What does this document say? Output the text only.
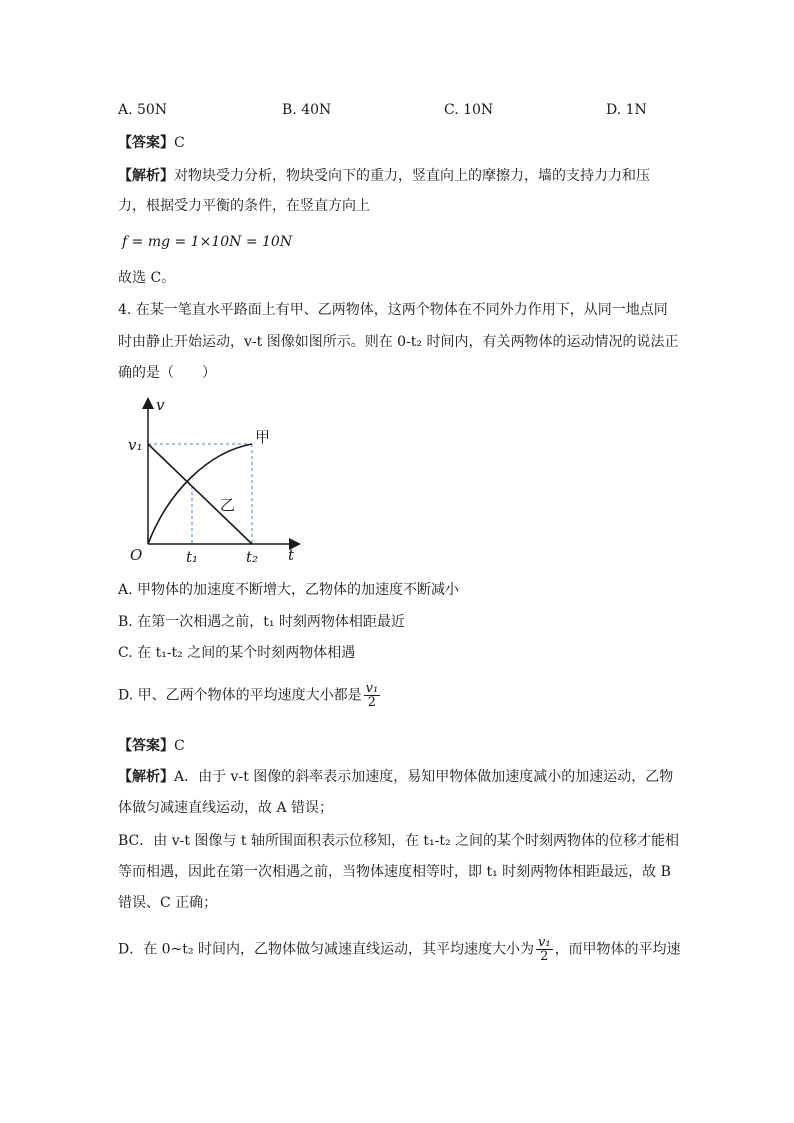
A. 50N	B. 40N	C. 10N	D. 1N
【答案】C
【解析】对物块受力分析，物块受向下的重力，竖直向上的摩擦力，墙的支持力力和压
力，根据受力平衡的条件，在竖直方向上
f = mg = 1×10N = 10N
故选 C。
4. 在某一笔直水平路面上有甲、乙两物体，这两个物体在不同外力作用下，从同一地点同
时由静止开始运动，v-t 图像如图所示。则在 0-t₂ 时间内，有关两物体的运动情况的说法正
确的是（　　）
v
t
O
v₁
t₁	t₂
甲
乙
A. 甲物体的加速度不断增大，乙物体的加速度不断减小
B. 在第一次相遇之前，t₁ 时刻两物体相距最近
C. 在 t₁-t₂ 之间的某个时刻两物体相遇
D. 甲、乙两个物体的平均速度大小都是 $\frac{\text{v₁}}{2}$
【答案】C
【解析】A．由于 v-t 图像的斜率表示加速度，易知甲物体做加速度减小的加速运动，乙物
体做匀减速直线运动，故 A 错误；
BC．由 v-t 图像与 t 轴所围面积表示位移知，在 t₁-t₂ 之间的某个时刻两物体的位移才能相
等而相遇，因此在第一次相遇之前，当物体速度相等时，即 t₁ 时刻两物体相距最远，故 B
错误、C 正确；
D．在 0~t₂ 时间内，乙物体做匀减速直线运动，其平均速度大小为 $\frac{\text{v₁}}{2}$ ，而甲物体的平均速
